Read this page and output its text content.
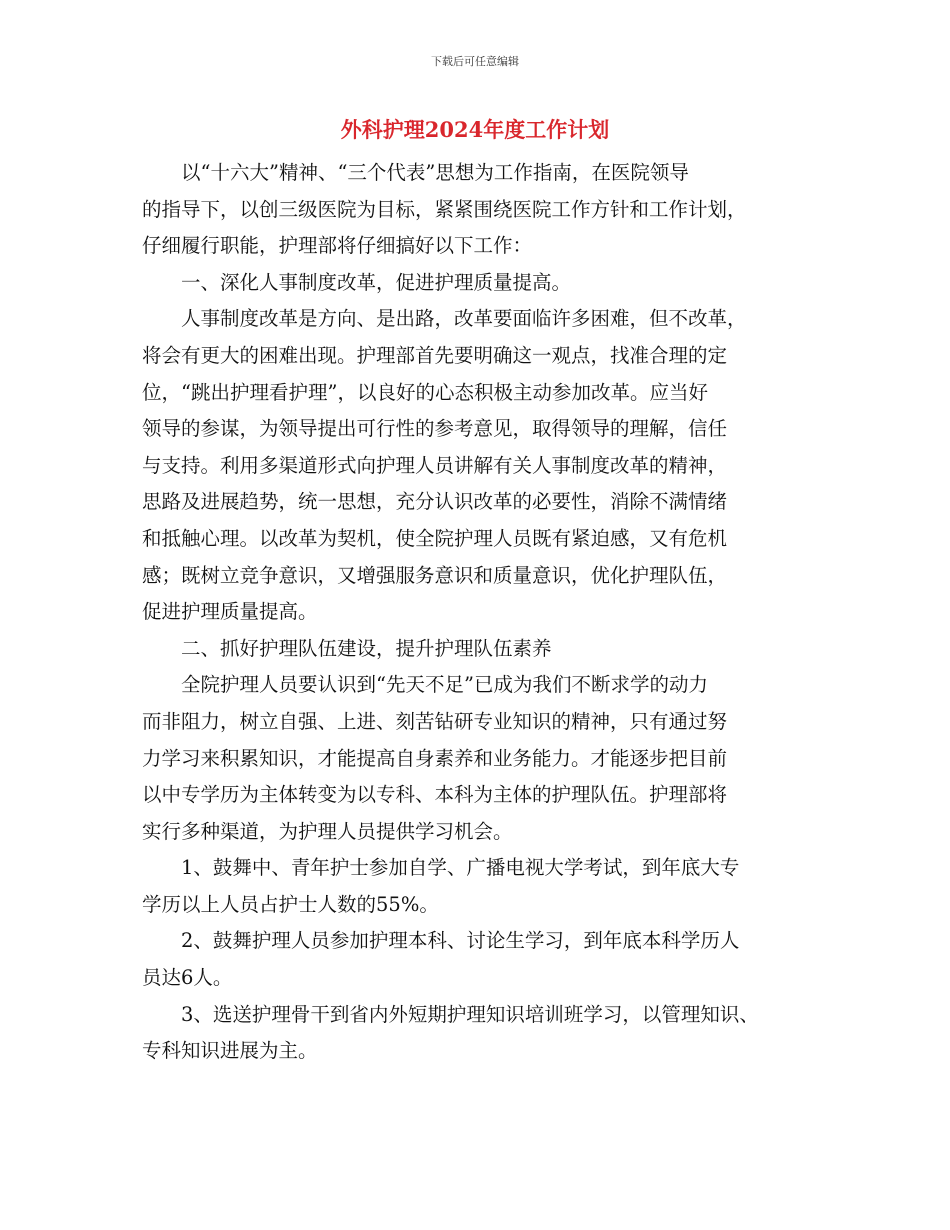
下载后可任意编辑
外科护理2024年度工作计划
以“十六大”精神、“三个代表”思想为工作指南，在医院领导
的指导下，以创三级医院为目标，紧紧围绕医院工作方针和工作计划，
仔细履行职能，护理部将仔细搞好以下工作：
一、深化人事制度改革，促进护理质量提高。
人事制度改革是方向、是出路，改革要面临许多困难，但不改革，
将会有更大的困难出现。护理部首先要明确这一观点，找准合理的定
位，“跳出护理看护理”，以良好的心态积极主动参加改革。应当好
领导的参谋，为领导提出可行性的参考意见，取得领导的理解，信任
与支持。利用多渠道形式向护理人员讲解有关人事制度改革的精神，
思路及进展趋势，统一思想，充分认识改革的必要性，消除不满情绪
和抵触心理。以改革为契机，使全院护理人员既有紧迫感，又有危机
感；既树立竞争意识，又增强服务意识和质量意识，优化护理队伍，
促进护理质量提高。
二、抓好护理队伍建设，提升护理队伍素养
全院护理人员要认识到“先天不足”已成为我们不断求学的动力
而非阻力，树立自强、上进、刻苦钻研专业知识的精神，只有通过努
力学习来积累知识，才能提高自身素养和业务能力。才能逐步把目前
以中专学历为主体转变为以专科、本科为主体的护理队伍。护理部将
实行多种渠道，为护理人员提供学习机会。
1、鼓舞中、青年护士参加自学、广播电视大学考试，到年底大专
学历以上人员占护士人数的55%。
2、鼓舞护理人员参加护理本科、讨论生学习，到年底本科学历人
员达6人。
3、选送护理骨干到省内外短期护理知识培训班学习，以管理知识、
专科知识进展为主。
